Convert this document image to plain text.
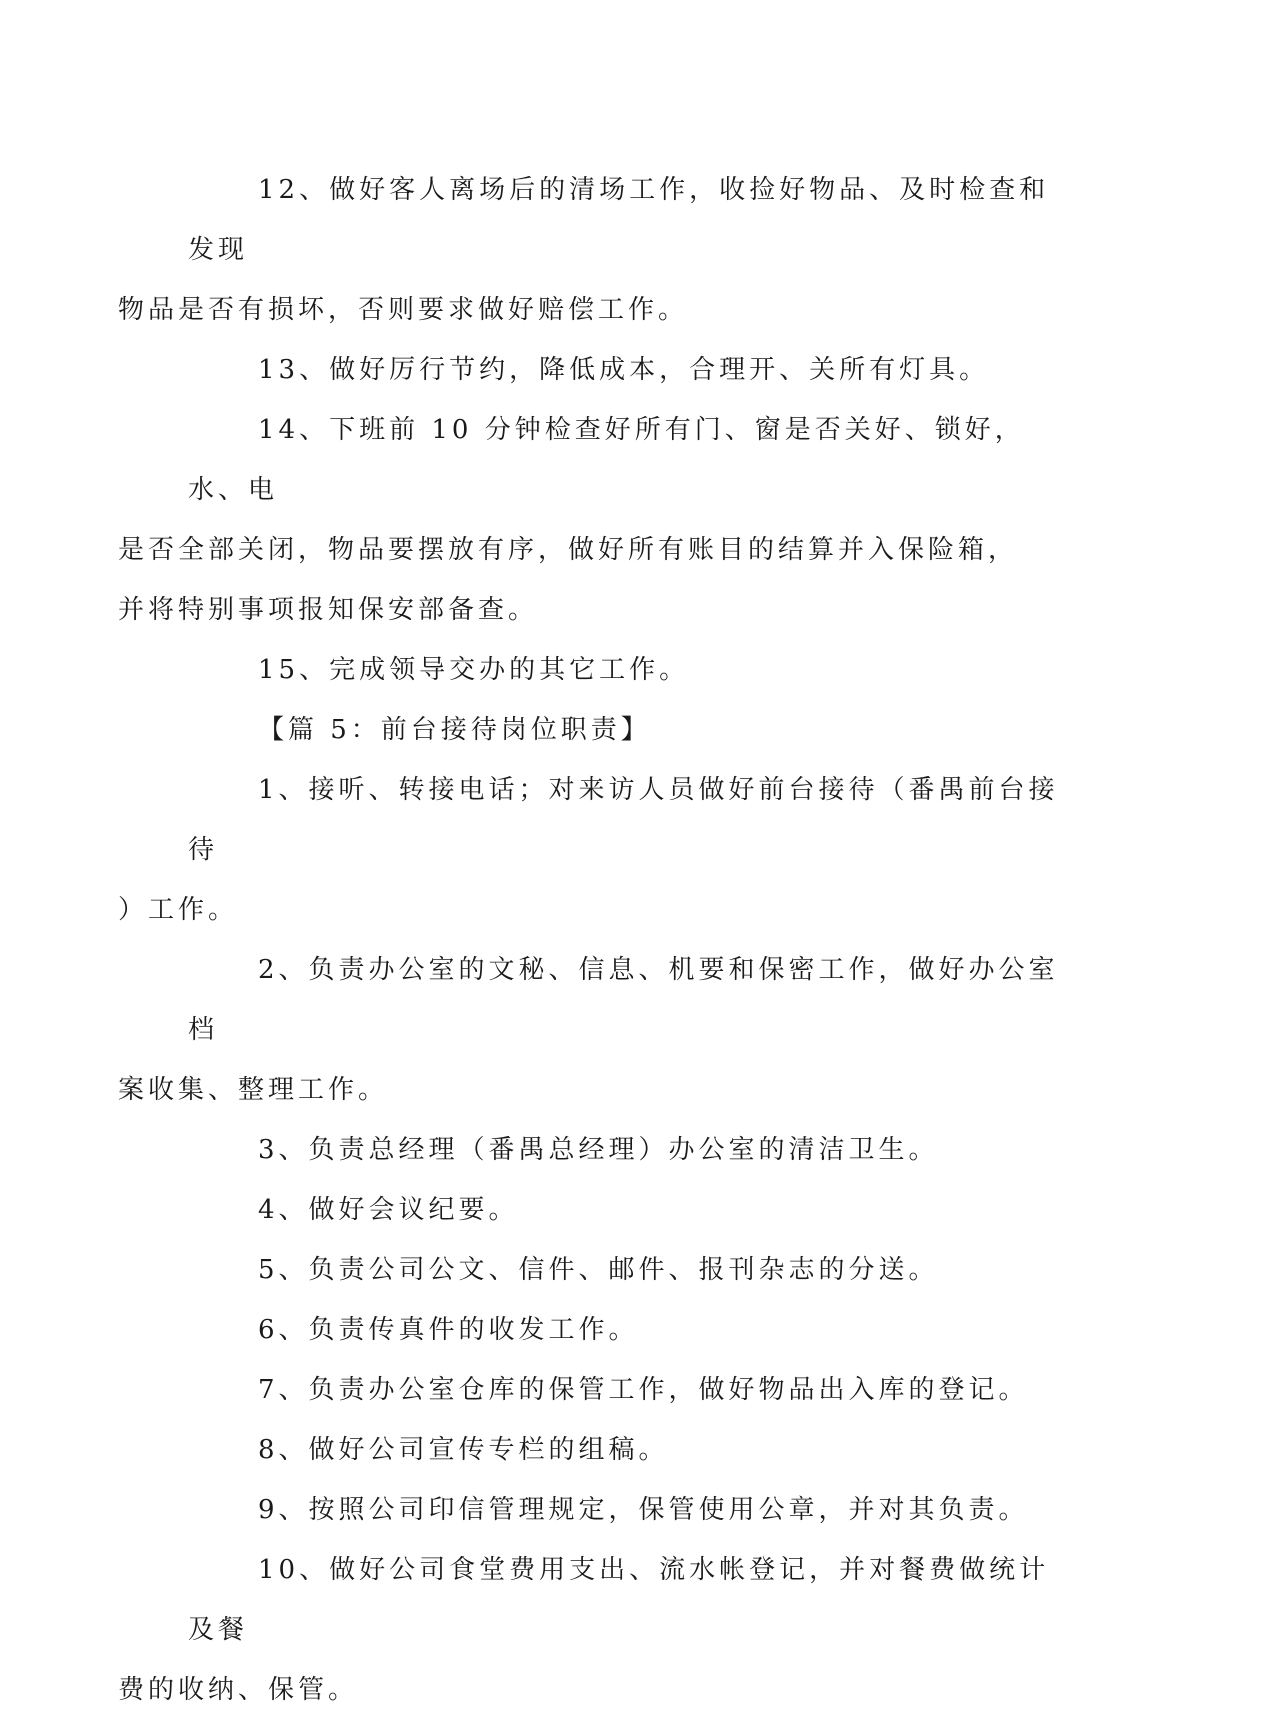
12、做好客人离场后的清场工作，收捡好物品、及时检查和发现
物品是否有损坏，否则要求做好赔偿工作。

13、做好厉行节约，降低成本，合理开、关所有灯具。

14、下班前 10 分钟检查好所有门、窗是否关好、锁好，水、电
是否全部关闭，物品要摆放有序，做好所有账目的结算并入保险箱，
并将特别事项报知保安部备查。

15、完成领导交办的其它工作。

【篇 5：前台接待岗位职责】

1、接听、转接电话；对来访人员做好前台接待（番禺前台接待
）工作。

2、负责办公室的文秘、信息、机要和保密工作，做好办公室档
案收集、整理工作。

3、负责总经理（番禺总经理）办公室的清洁卫生。

4、做好会议纪要。

5、负责公司公文、信件、邮件、报刊杂志的分送。

6、负责传真件的收发工作。

7、负责办公室仓库的保管工作，做好物品出入库的登记。

8、做好公司宣传专栏的组稿。

9、按照公司印信管理规定，保管使用公章，并对其负责。

10、做好公司食堂费用支出、流水帐登记，并对餐费做统计及餐
费的收纳、保管。
